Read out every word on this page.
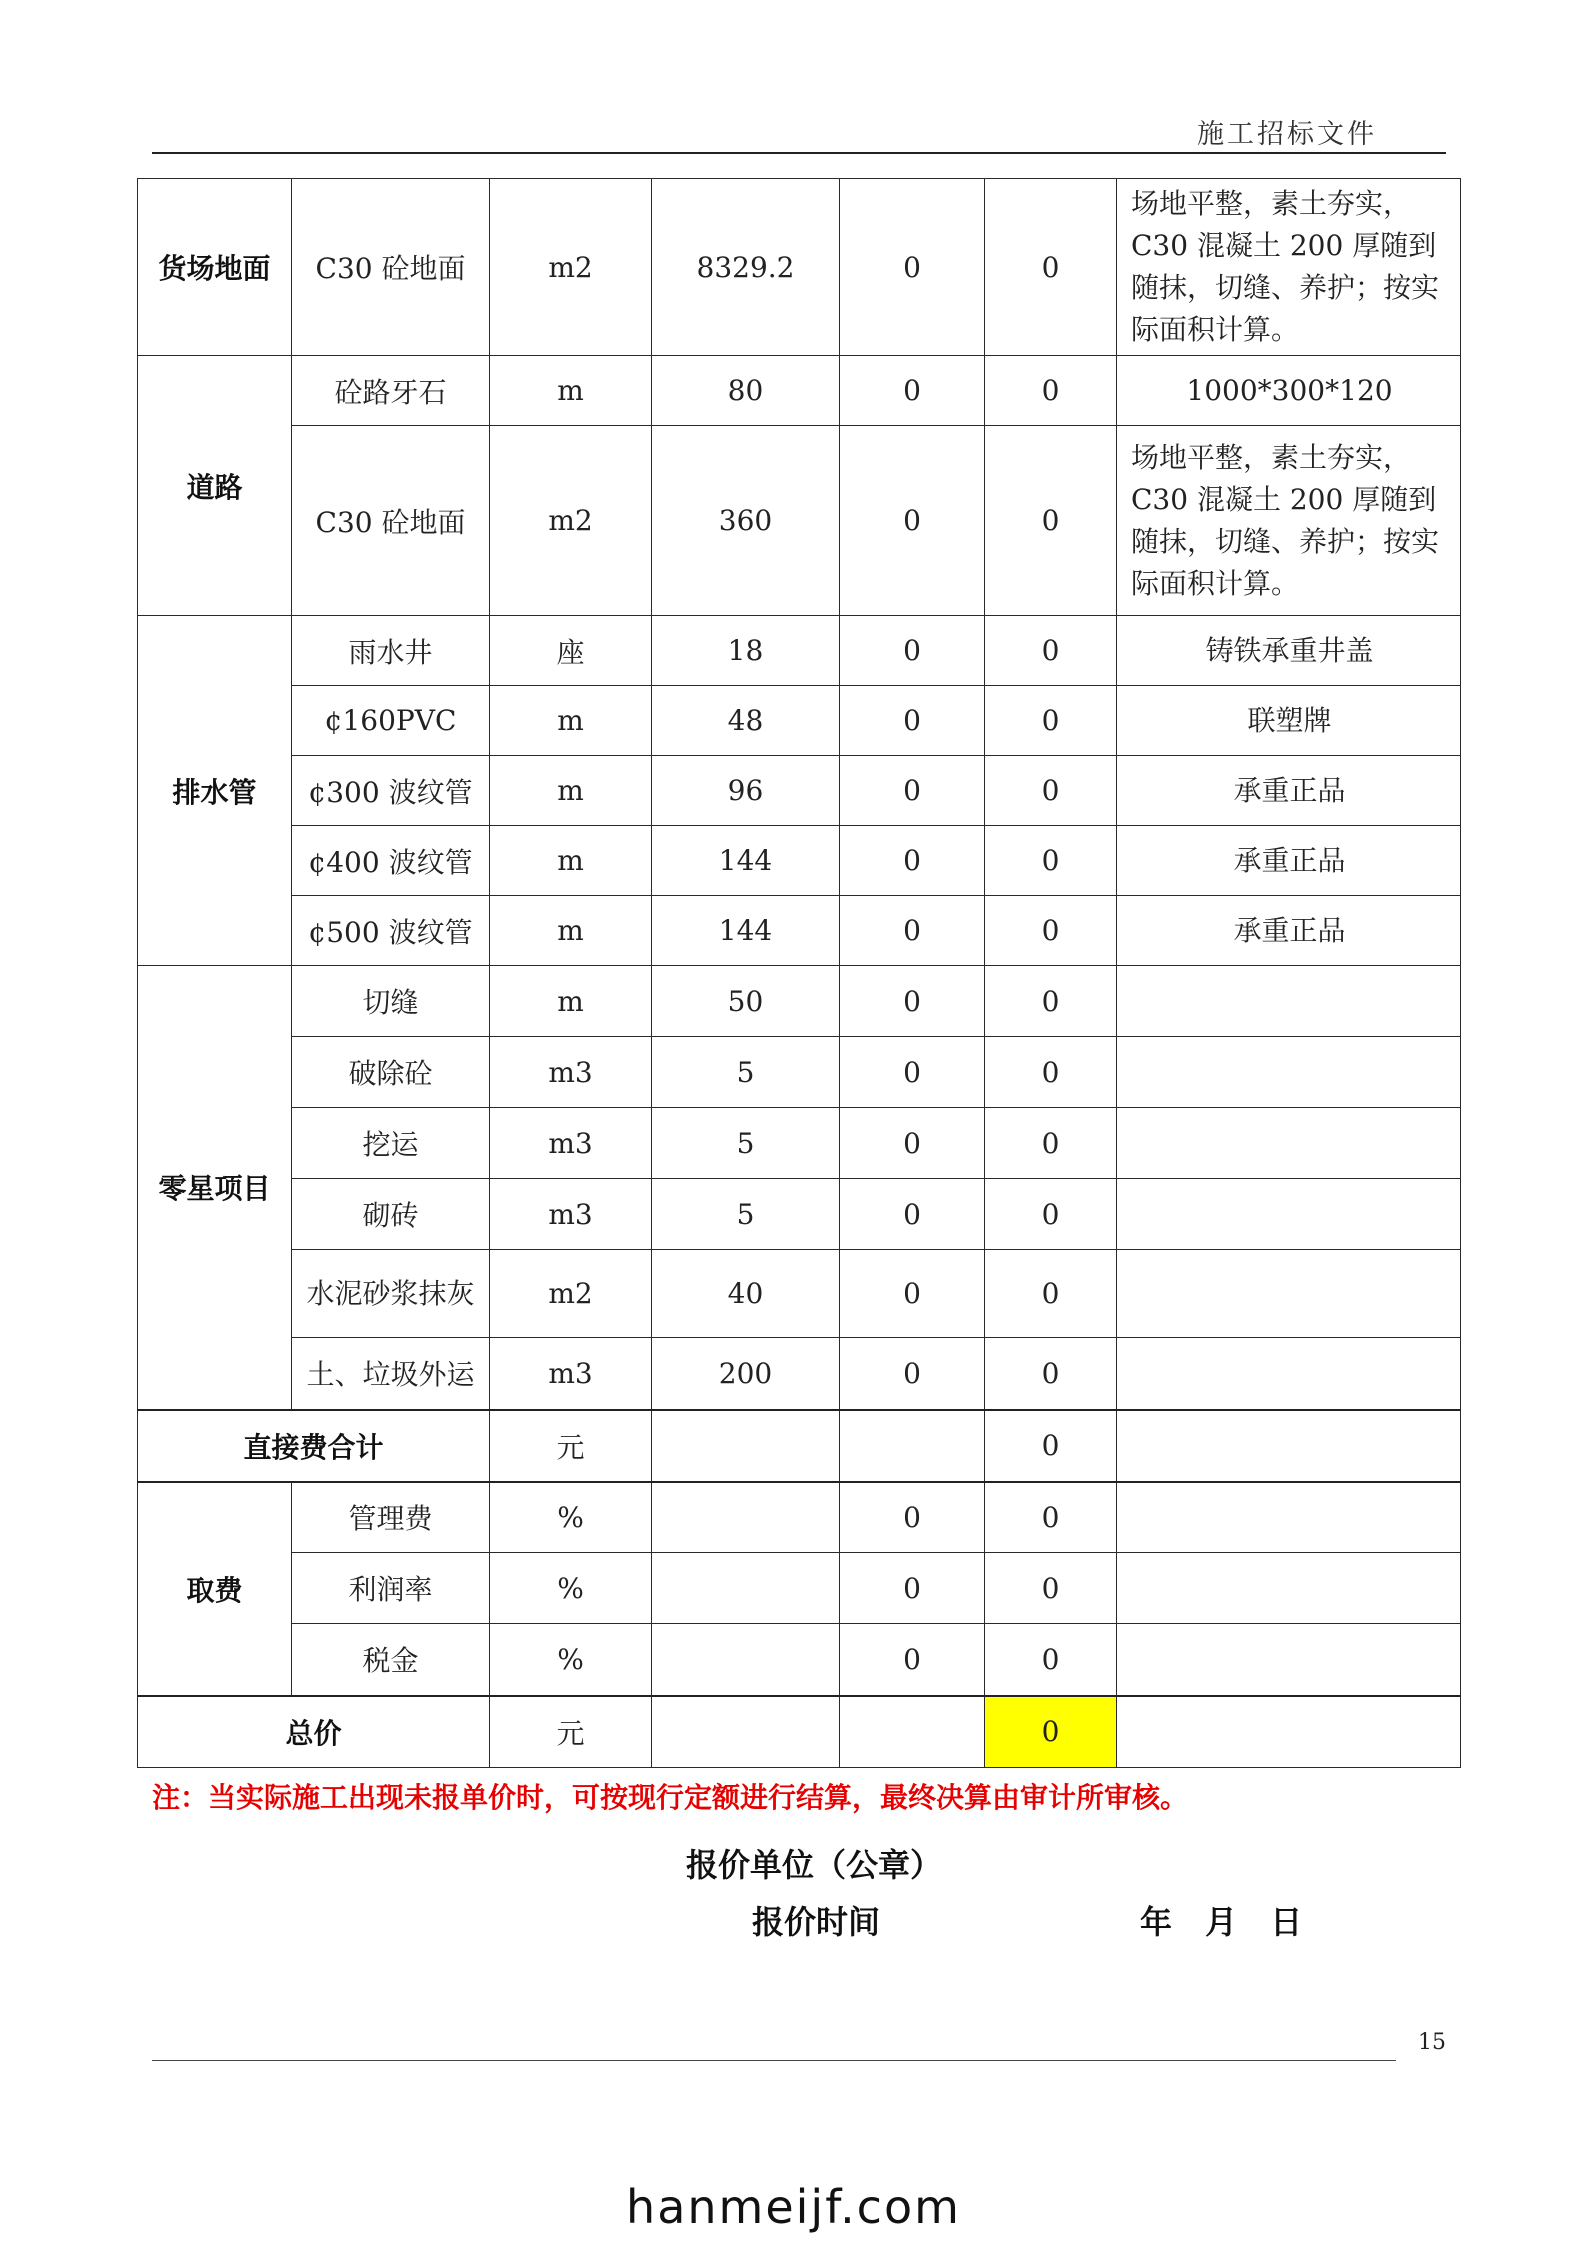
施工招标文件
货场地面	C30 砼地面	m2	8329.2	0	0	场地平整，素土夯实，C30 混凝土 200 厚随到随抹，切缝、养护；按实际面积计算。
道路	砼路牙石	m	80	0	0	1000*300*120
	C30 砼地面	m2	360	0	0	场地平整，素土夯实，C30 混凝土 200 厚随到随抹，切缝、养护；按实际面积计算。
排水管	雨水井	座	18	0	0	铸铁承重井盖
	¢160PVC	m	48	0	0	联塑牌
	¢300 波纹管	m	96	0	0	承重正品
	¢400 波纹管	m	144	0	0	承重正品
	¢500 波纹管	m	144	0	0	承重正品
零星项目	切缝	m	50	0	0	
	破除砼	m3	5	0	0	
	挖运	m3	5	0	0	
	砌砖	m3	5	0	0	
	水泥砂浆抹灰	m2	40	0	0	
	土、垃圾外运	m3	200	0	0	
直接费合计		元			0	
取费	管理费	%		0	0	
	利润率	%		0	0	
	税金	%		0	0	
总价		元			0	
注：当实际施工出现未报单价时，可按现行定额进行结算，最终决算由审计所审核。
报价单位（公章）
报价时间	年 月 日
15
hanmeijf.com
